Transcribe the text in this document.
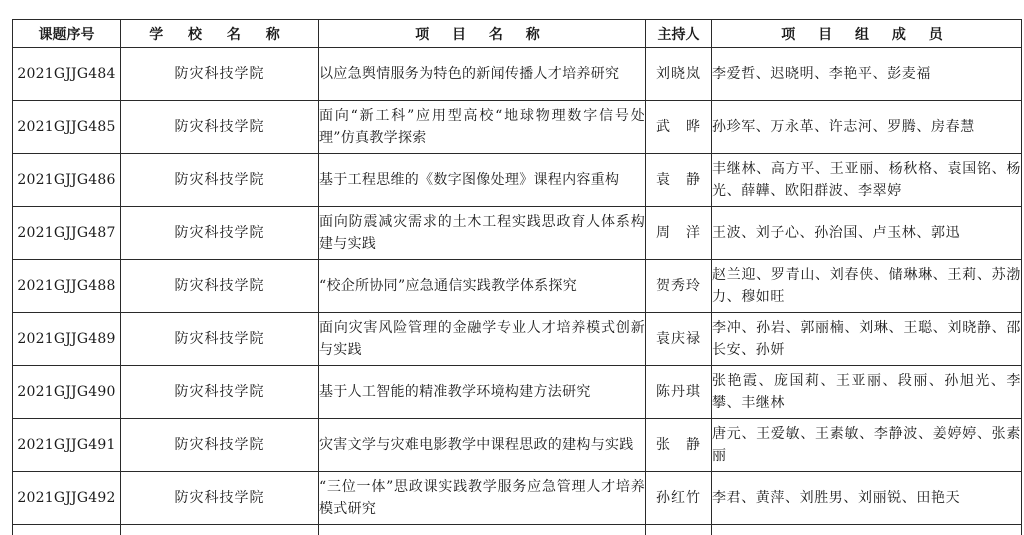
课题序号	学 校 名 称	项 目 名 称	主持人	项 目 组 成 员
2021GJJG484	防灾科技学院	以应急舆情服务为特色的新闻传播人才培养研究	刘晓岚	李爱哲、迟晓明、李艳平、彭麦福
2021GJJG485	防灾科技学院	面向“新工科”应用型高校“地球物理数字信号处理”仿真教学探索	武　晔	孙珍军、万永革、许志河、罗腾、房春慧
2021GJJG486	防灾科技学院	基于工程思维的《数字图像处理》课程内容重构	袁　静	丰继林、高方平、王亚丽、杨秋格、袁国铭、杨光、薛韡、欧阳群波、李翠婷
2021GJJG487	防灾科技学院	面向防震减灾需求的土木工程实践思政育人体系构建与实践	周　洋	王波、刘子心、孙治国、卢玉林、郭迅
2021GJJG488	防灾科技学院	“校企所协同”应急通信实践教学体系探究	贺秀玲	赵兰迎、罗青山、刘春侠、储琳琳、王莉、苏渤力、穆如旺
2021GJJG489	防灾科技学院	面向灾害风险管理的金融学专业人才培养模式创新与实践	袁庆禄	李冲、孙岩、郭丽楠、刘琳、王聪、刘晓静、邵长安、孙妍
2021GJJG490	防灾科技学院	基于人工智能的精准教学环境构建方法研究	陈丹琪	张艳霞、庞国莉、王亚丽、段丽、孙旭光、李攀、丰继林
2021GJJG491	防灾科技学院	灾害文学与灾难电影教学中课程思政的建构与实践	张　静	唐元、王爱敏、王素敏、李静波、姜婷婷、张素丽
2021GJJG492	防灾科技学院	“三位一体”思政课实践教学服务应急管理人才培养模式研究	孙红竹	李君、黄萍、刘胜男、刘丽锐、田艳天
